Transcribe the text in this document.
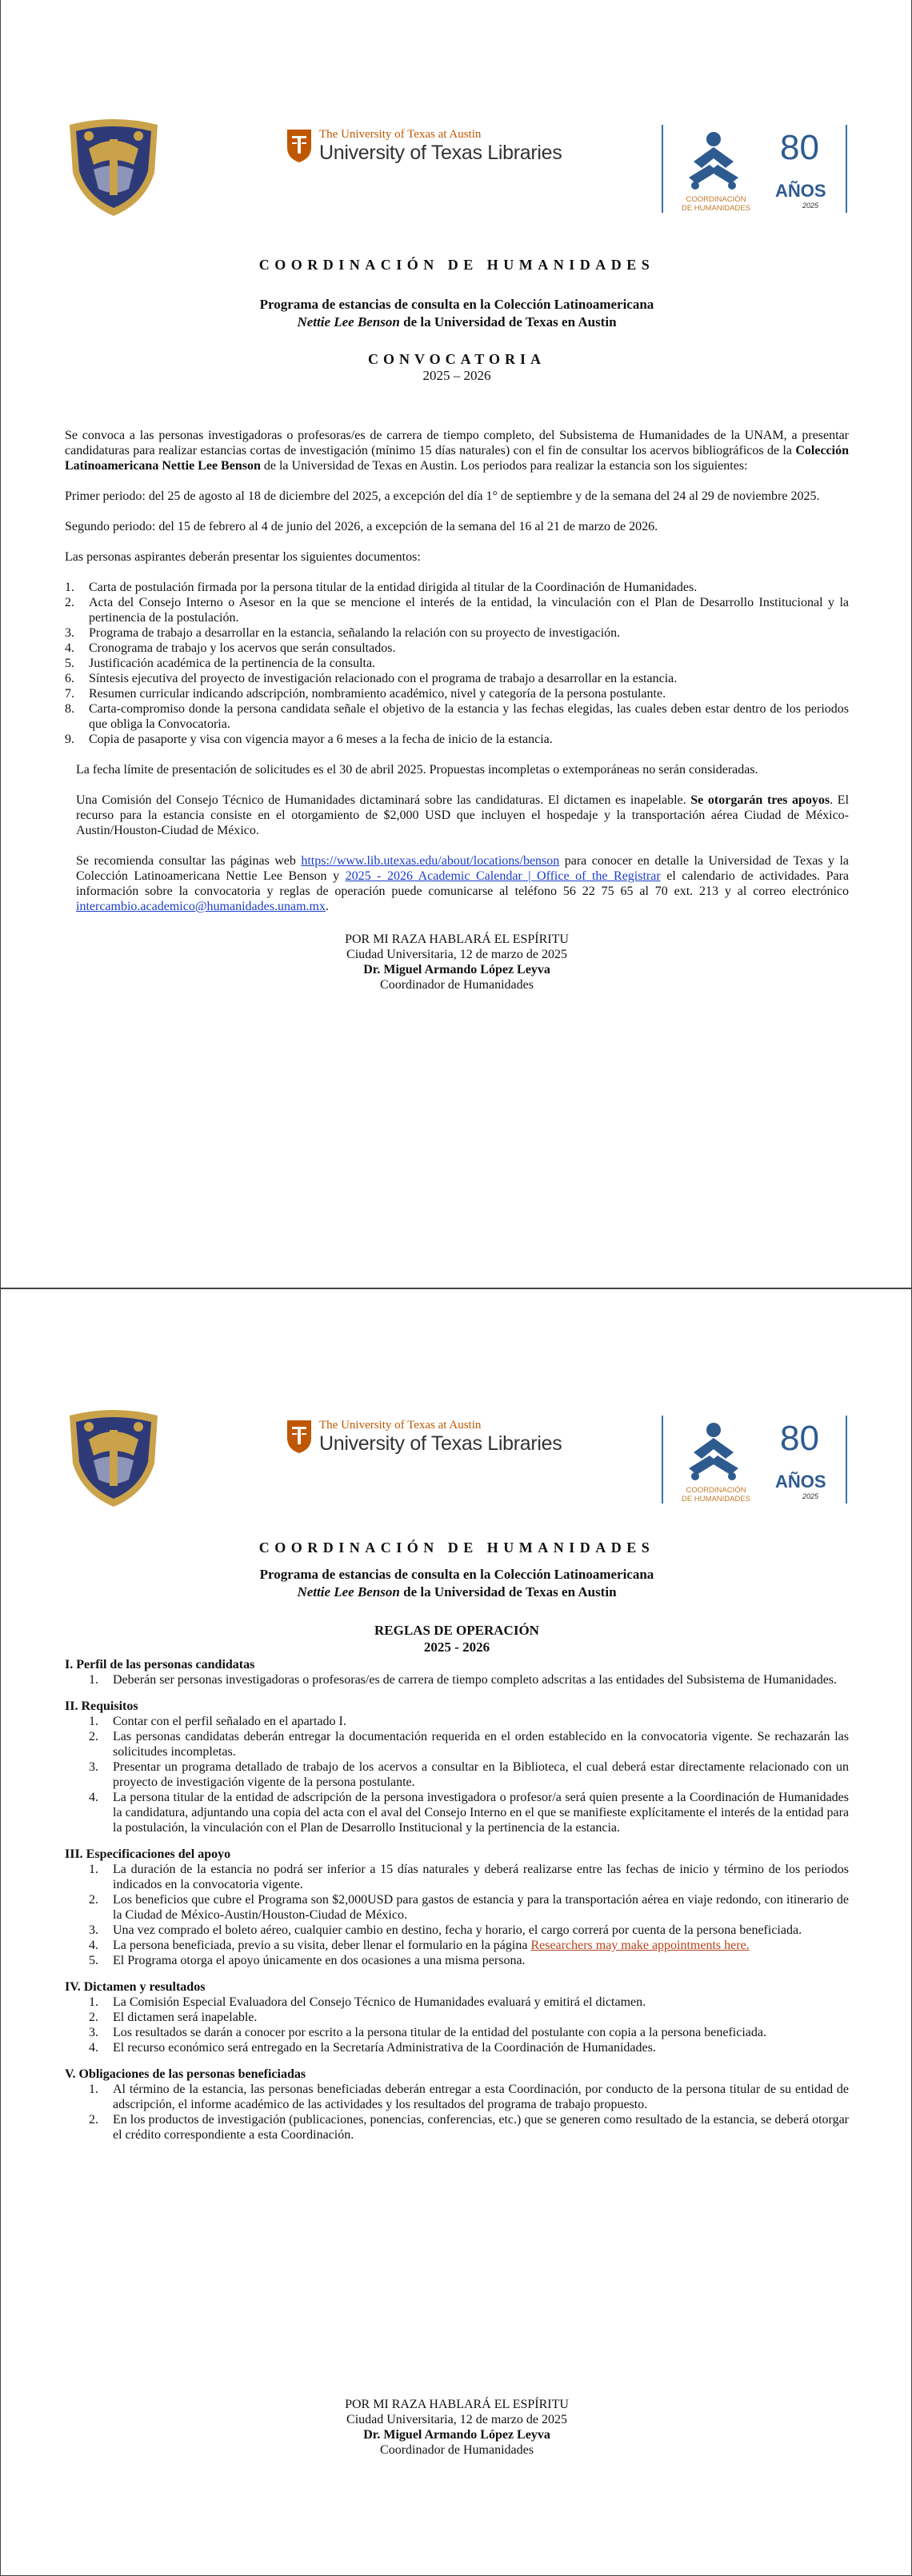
The University of Texas at Austin
University of Texas Libraries
COORDINACIÓN
DE HUMANIDADES
80
AÑOS
2025
COORDINACIÓN DE HUMANIDADES
Programa de estancias de consulta en la Colección Latinoamericana
Nettie Lee Benson de la Universidad de Texas en Austin
CONVOCATORIA
2025 – 2026

Se convoca a las personas investigadoras o profesoras/es de carrera de tiempo completo, del Subsistema de Humanidades de la UNAM, a presentar candidaturas para realizar estancias cortas de investigación (mínimo 15 días naturales) con el fin de consultar los acervos bibliográficos de la Colección Latinoamericana Nettie Lee Benson de la Universidad de Texas en Austin. Los periodos para realizar la estancia son los siguientes:

Primer periodo: del 25 de agosto al 18 de diciembre del 2025, a excepción del día 1° de septiembre y de la semana del 24 al 29 de noviembre 2025.

Segundo periodo: del 15 de febrero al 4 de junio del 2026, a excepción de la semana del 16 al 21 de marzo de 2026.

Las personas aspirantes deberán presentar los siguientes documentos:

1. Carta de postulación firmada por la persona titular de la entidad dirigida al titular de la Coordinación de Humanidades.
2. Acta del Consejo Interno o Asesor en la que se mencione el interés de la entidad, la vinculación con el Plan de Desarrollo Institucional y la pertinencia de la postulación.
3. Programa de trabajo a desarrollar en la estancia, señalando la relación con su proyecto de investigación.
4. Cronograma de trabajo y los acervos que serán consultados.
5. Justificación académica de la pertinencia de la consulta.
6. Síntesis ejecutiva del proyecto de investigación relacionado con el programa de trabajo a desarrollar en la estancia.
7. Resumen curricular indicando adscripción, nombramiento académico, nivel y categoría de la persona postulante.
8. Carta-compromiso donde la persona candidata señale el objetivo de la estancia y las fechas elegidas, las cuales deben estar dentro de los periodos que obliga la Convocatoria.
9. Copia de pasaporte y visa con vigencia mayor a 6 meses a la fecha de inicio de la estancia.

La fecha límite de presentación de solicitudes es el 30 de abril 2025. Propuestas incompletas o extemporáneas no serán consideradas.

Una Comisión del Consejo Técnico de Humanidades dictaminará sobre las candidaturas. El dictamen es inapelable. Se otorgarán tres apoyos. El recurso para la estancia consiste en el otorgamiento de $2,000 USD que incluyen el hospedaje y la transportación aérea Ciudad de México-Austin/Houston-Ciudad de México.

Se recomienda consultar las páginas web https://www.lib.utexas.edu/about/locations/benson para conocer en detalle la Universidad de Texas y la Colección Latinoamericana Nettie Lee Benson y 2025 - 2026 Academic Calendar | Office of the Registrar el calendario de actividades. Para información sobre la convocatoria y reglas de operación puede comunicarse al teléfono 56 22 75 65 al 70 ext. 213 y al correo electrónico intercambio.academico@humanidades.unam.mx.

POR MI RAZA HABLARÁ EL ESPÍRITU
Ciudad Universitaria, 12 de marzo de 2025
Dr. Miguel Armando López Leyva
Coordinador de Humanidades
The University of Texas at Austin
University of Texas Libraries
COORDINACIÓN
DE HUMANIDADES
80
AÑOS
2025
COORDINACIÓN DE HUMANIDADES
Programa de estancias de consulta en la Colección Latinoamericana
Nettie Lee Benson de la Universidad de Texas en Austin
REGLAS DE OPERACIÓN
2025 - 2026
I. Perfil de las personas candidatas
1. Deberán ser personas investigadoras o profesoras/es de carrera de tiempo completo adscritas a las entidades del Subsistema de Humanidades.
II. Requisitos
1. Contar con el perfil señalado en el apartado I.
2. Las personas candidatas deberán entregar la documentación requerida en el orden establecido en la convocatoria vigente. Se rechazarán las solicitudes incompletas.
3. Presentar un programa detallado de trabajo de los acervos a consultar en la Biblioteca, el cual deberá estar directamente relacionado con un proyecto de investigación vigente de la persona postulante.
4. La persona titular de la entidad de adscripción de la persona investigadora o profesor/a será quien presente a la Coordinación de Humanidades la candidatura, adjuntando una copia del acta con el aval del Consejo Interno en el que se manifieste explícitamente el interés de la entidad para la postulación, la vinculación con el Plan de Desarrollo Institucional y la pertinencia de la estancia.
III. Especificaciones del apoyo
1. La duración de la estancia no podrá ser inferior a 15 días naturales y deberá realizarse entre las fechas de inicio y término de los periodos indicados en la convocatoria vigente.
2. Los beneficios que cubre el Programa son $2,000USD para gastos de estancia y para la transportación aérea en viaje redondo, con itinerario de la Ciudad de México-Austin/Houston-Ciudad de México.
3. Una vez comprado el boleto aéreo, cualquier cambio en destino, fecha y horario, el cargo correrá por cuenta de la persona beneficiada.
4. La persona beneficiada, previo a su visita, deber llenar el formulario en la página Researchers may make appointments here.
5. El Programa otorga el apoyo únicamente en dos ocasiones a una misma persona.
IV. Dictamen y resultados
1. La Comisión Especial Evaluadora del Consejo Técnico de Humanidades evaluará y emitirá el dictamen.
2. El dictamen será inapelable.
3. Los resultados se darán a conocer por escrito a la persona titular de la entidad del postulante con copia a la persona beneficiada.
4. El recurso económico será entregado en la Secretaría Administrativa de la Coordinación de Humanidades.
V. Obligaciones de las personas beneficiadas
1. Al término de la estancia, las personas beneficiadas deberán entregar a esta Coordinación, por conducto de la persona titular de su entidad de adscripción, el informe académico de las actividades y los resultados del programa de trabajo propuesto.
2. En los productos de investigación (publicaciones, ponencias, conferencias, etc.) que se generen como resultado de la estancia, se deberá otorgar el crédito correspondiente a esta Coordinación.
POR MI RAZA HABLARÁ EL ESPÍRITU
Ciudad Universitaria, 12 de marzo de 2025
Dr. Miguel Armando López Leyva
Coordinador de Humanidades
